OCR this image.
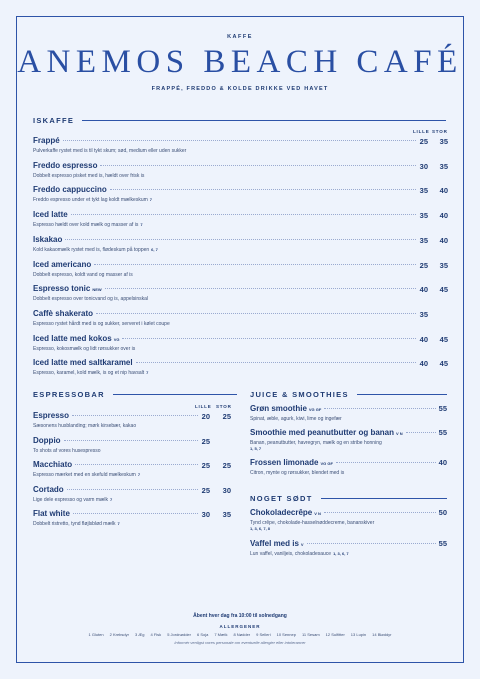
KAFFE
ANEMOS BEACH CAFÉ
FRAPPÉ, FREDDO & KOLDE DRIKKE VED HAVET
ISKAFFE
LILLE STOR
Frappé	25 35
Pulverkaffe rystet med is til tykt skum; sød, medium eller uden sukker
Freddo espresso	30 35
Dobbelt espresso pisket med is, hældt over frisk is
Freddo cappuccino	35 40
Freddo espresso under et tykt lag koldt mælkeskum 7
Iced latte	35 40
Espresso hældt over kold mælk og masser af is 7
Iskakao	35 40
Kold kakaomælk rystet med is, flødeskum på toppen 6, 7
Iced americano	25 35
Dobbelt espresso, koldt vand og masser af is
Espresso tonic NEW	40 45
Dobbelt espresso over tonicvand og is, appelsinskal
Caffè shakerato	35
Espresso rystet hårdt med is og sukker, serveret i kølet coupe
Iced latte med kokos VG	40 45
Espresso, kokosmælk og lidt rørsukker over is
Iced latte med saltkaramel	40 45
Espresso, karamel, kold mælk, is og et nip havsalt 7
ESPRESSOBAR
LILLE STOR
Espresso	20 25
Sæsonens husblanding; mørk kirsebær, kakao
Doppio	25
To shots af vores husespresso
Macchiato	25 25
Espresso mærket med en skefuld mælkeskum 7
Cortado	25 30
Lige dele espresso og varm mælk 7
Flat white	30 35
Dobbelt ristretto, tynd fløjlsblød mælk 7
JUICE & SMOOTHIES
Grøn smoothie VG GF	55
Spinat, æble, agurk, kiwi, lime og ingefær
Smoothie med peanutbutter og banan V N	55
Banan, peanutbutter, havregryn, mælk og en stribe honning
1, 5, 7
Frossen limonade VG GF	40
Citron, mynte og rørsukker, blendet med is
NOGET SØDT
Chokoladecrêpe V N	50
Tynd crêpe, chokolade-hasselnøddecreme, bananskiver
1, 3, 6, 7, 8
Vaffel med is V	55
Lun vaffel, vaniljeis, chokoladesauce 1, 3, 6, 7
Åbent hver dag fra 10:00 til solnedgang
ALLERGENER
1 Gluten 2 Krebsdyr 3 Æg 4 Fisk 5 Jordnødder 6 Soja 7 Mælk 8 Nødder 9 Selleri 10 Sennep 11 Sesam 12 Sulfitter 13 Lupin 14 Bløddyr
Informér venligst vores personale om eventuelle allergier eller intolerancer
